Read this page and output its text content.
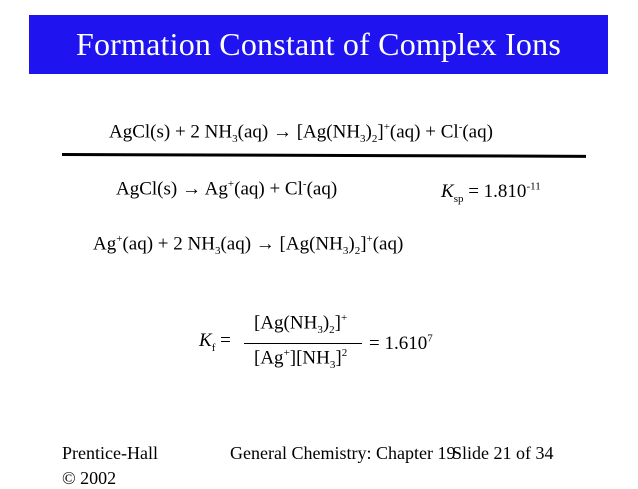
Formation Constant of Complex Ions
AgCl(s) + 2 $NH_3(aq) \to [Ag(NH_3)_2]^+(aq) + Cl^-(aq)$
AgCl(s) → Ag+(aq) + Cl-(aq)	$K_{sp}$ = $1.810^{-11}$
Ag+(aq) + 2 $NH_3(aq) \to [Ag(NH_3)_2]^+(aq)$
$K_f$ =
$[Ag(NH_3)_2]^+$
$[Ag^+][NH_3]^2$ = $1.610^7$
Prentice-Hall
© 2002
General Chemistry: Chapter 19
Slide 21 of 34
